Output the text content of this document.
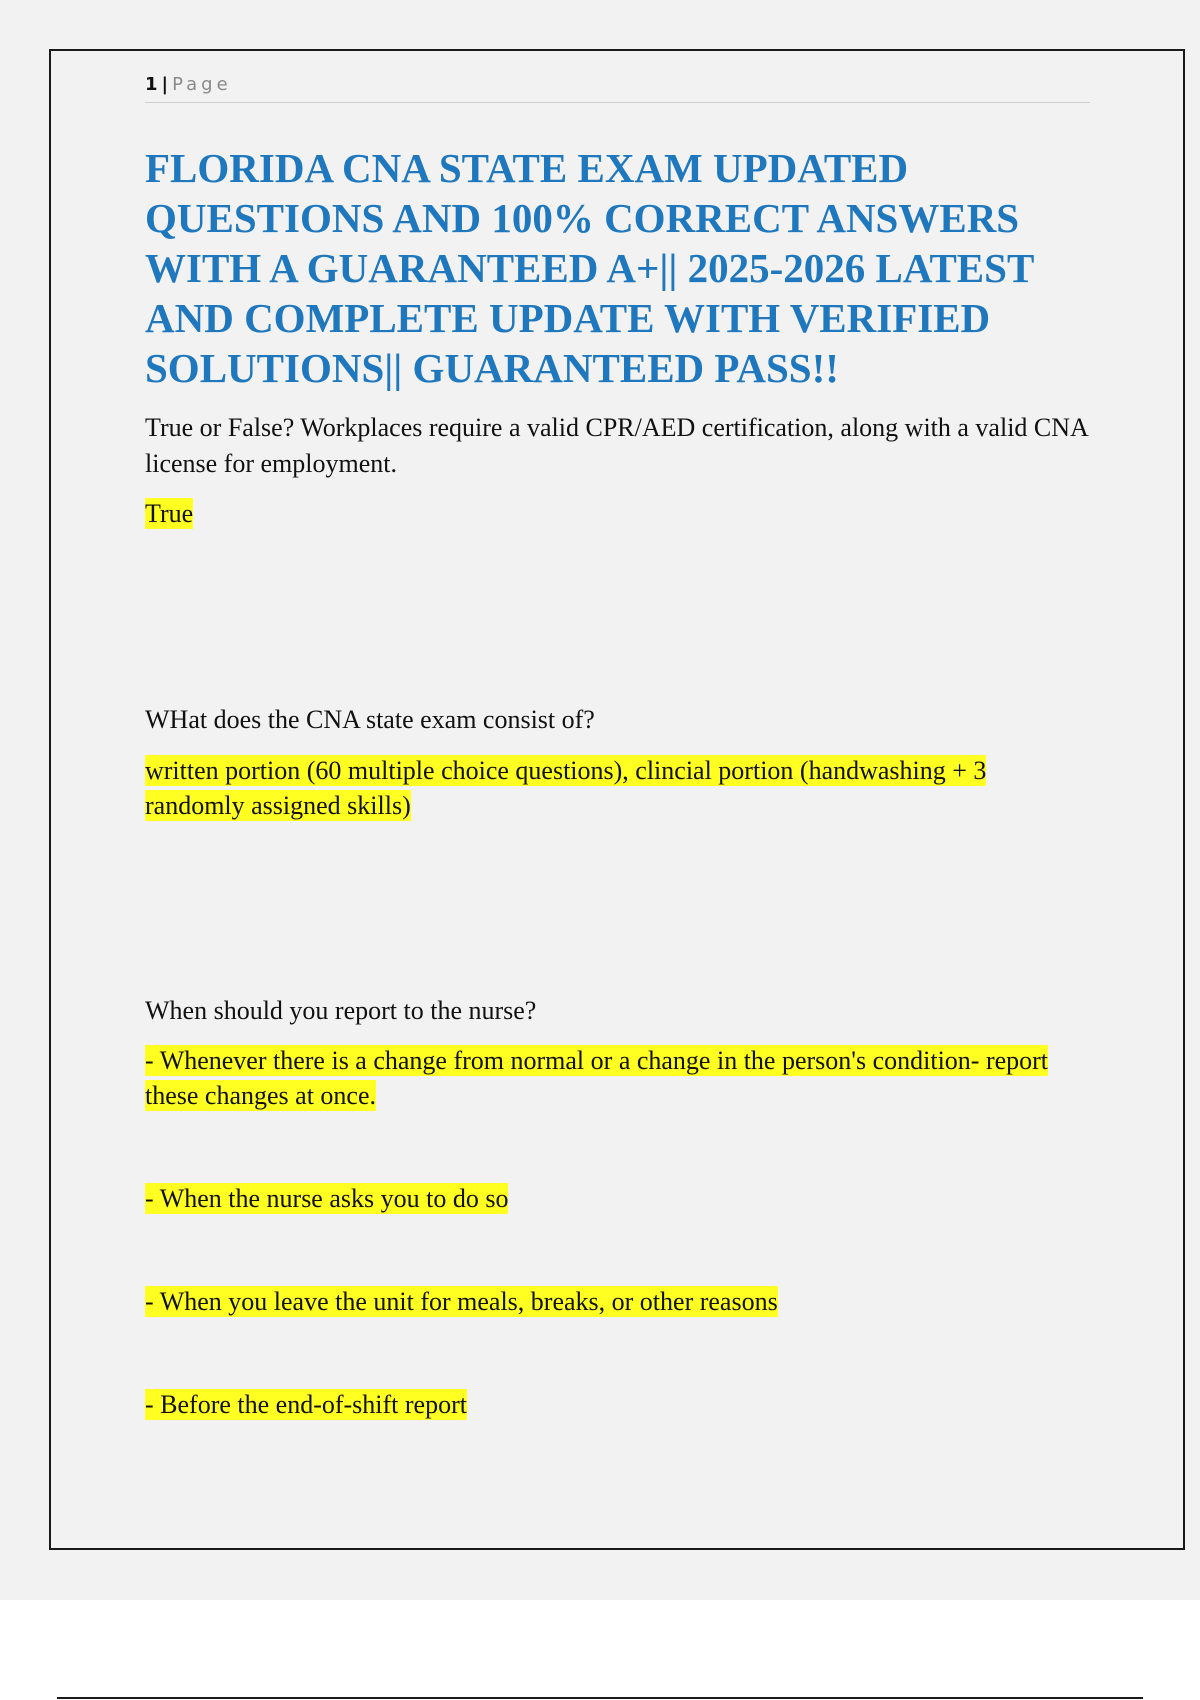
1 | Page
FLORIDA CNA STATE EXAM UPDATED QUESTIONS AND 100% CORRECT ANSWERS WITH A GUARANTEED A+|| 2025-2026 LATEST AND COMPLETE UPDATE WITH VERIFIED SOLUTIONS|| GUARANTEED PASS!!
True or False? Workplaces require a valid CPR/AED certification, along with a valid CNA license for employment.
True
WHat does the CNA state exam consist of?
written portion (60 multiple choice questions), clincial portion (handwashing + 3 randomly assigned skills)
When should you report to the nurse?
- Whenever there is a change from normal or a change in the person's condition- report these changes at once.
- When the nurse asks you to do so
- When you leave the unit for meals, breaks, or other reasons
- Before the end-of-shift report
